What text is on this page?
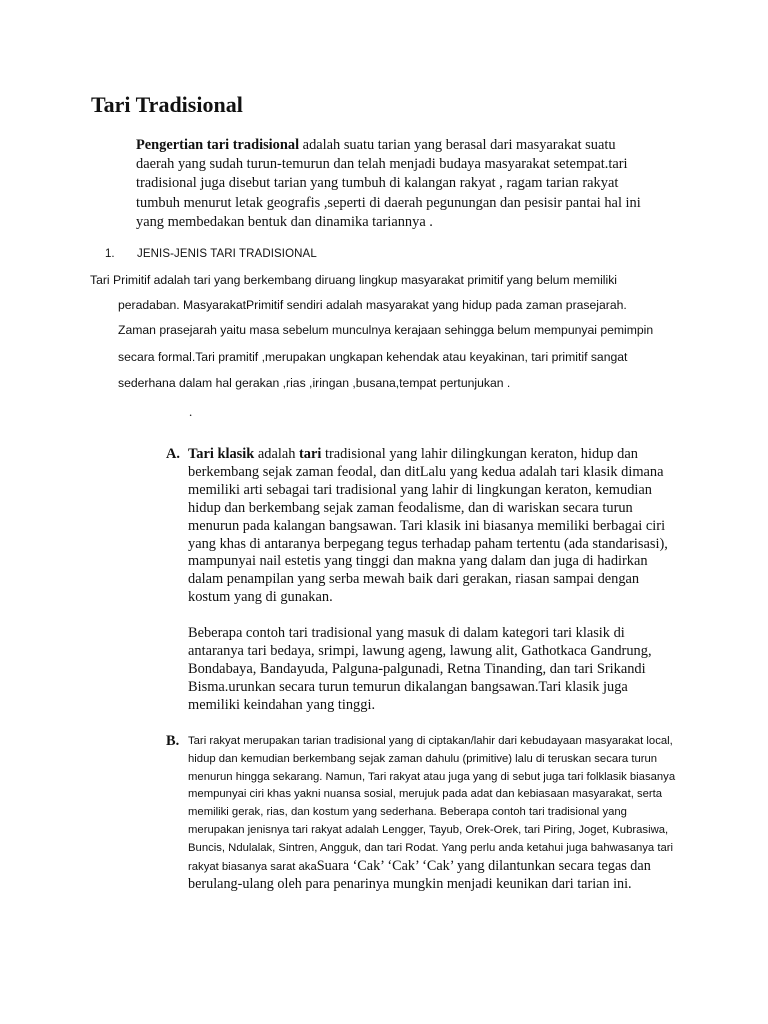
Tari Tradisional
Pengertian tari tradisional adalah suatu tarian yang berasal dari masyarakat suatu daerah yang sudah turun-temurun dan telah menjadi budaya masyarakat setempat.tari tradisional juga disebut tarian yang tumbuh di kalangan rakyat , ragam tarian rakyat tumbuh menurut letak geografis ,seperti di daerah pegunungan dan pesisir pantai hal ini yang membedakan bentuk dan dinamika tariannya .
1. JENIS-JENIS TARI TRADISIONAL
Tari Primitif adalah tari yang berkembang diruang lingkup masyarakat primitif yang belum memiliki
peradaban. MasyarakatPrimitif sendiri adalah masyarakat yang hidup pada zaman prasejarah.
Zaman prasejarah yaitu masa sebelum munculnya kerajaan sehingga belum mempunyai pemimpin
secara formal.Tari pramitif ,merupakan ungkapan kehendak atau keyakinan, tari primitif sangat
sederhana dalam hal gerakan ,rias ,iringan ,busana,tempat pertunjukan .
.
A. Tari klasik adalah tari tradisional yang lahir dilingkungan keraton, hidup dan berkembang sejak zaman feodal, dan ditLalu yang kedua adalah tari klasik dimana memiliki arti sebagai tari tradisional yang lahir di lingkungan keraton, kemudian hidup dan berkembang sejak zaman feodalisme, dan di wariskan secara turun menurun pada kalangan bangsawan. Tari klasik ini biasanya memiliki berbagai ciri yang khas di antaranya berpegang tegus terhadap paham tertentu (ada standarisasi), mampunyai nail estetis yang tinggi dan makna yang dalam dan juga di hadirkan dalam penampilan yang serba mewah baik dari gerakan, riasan sampai dengan kostum yang di gunakan.
Beberapa contoh tari tradisional yang masuk di dalam kategori tari klasik di antaranya tari bedaya, srimpi, lawung ageng, lawung alit, Gathotkaca Gandrung, Bondabaya, Bandayuda, Palguna-palgunadi, Retna Tinanding, dan tari Srikandi Bisma.urunkan secara turun temurun dikalangan bangsawan.Tari klasik juga memiliki keindahan yang tinggi.
B. Tari rakyat merupakan tarian tradisional yang di ciptakan/lahir dari kebudayaan masyarakat local, hidup dan kemudian berkembang sejak zaman dahulu (primitive) lalu di teruskan secara turun menurun hingga sekarang. Namun, Tari rakyat atau juga yang di sebut juga tari folklasik biasanya mempunyai ciri khas yakni nuansa sosial, merujuk pada adat dan kebiasaan masyarakat, serta memiliki gerak, rias, dan kostum yang sederhana. Beberapa contoh tari tradisional yang merupakan jenisnya tari rakyat adalah Lengger, Tayub, Orek-Orek, tari Piring, Joget, Kubrasiwa, Buncis, Ndulalak, Sintren, Angguk, dan tari Rodat. Yang perlu anda ketahui juga bahwasanya tari rakyat biasanya sarat akaSuara ‘Cak’ ‘Cak’ ‘Cak’ yang dilantunkan secara tegas dan berulang-ulang oleh para penarinya mungkin menjadi keunikan dari tarian ini.
